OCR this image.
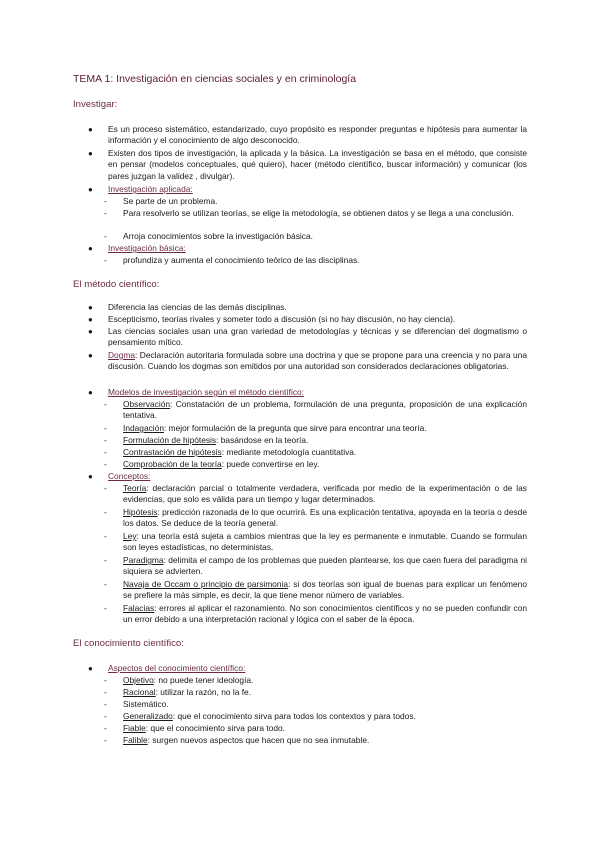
TEMA 1: Investigación en ciencias sociales y en criminología
Investigar:
● Es un proceso sistemático, estandarizado, cuyo propósito es responder preguntas e hipótesis para aumentar la información y el conocimiento de algo desconocido.
● Existen dos tipos de investigación, la aplicada y la básica. La investigación se basa en el método, que consiste en pensar (modelos conceptuales, qué quiero), hacer (método científico, buscar información) y comunicar (los pares juzgan la validez , divulgar).
● Investigación aplicada:
- Se parte de un problema.
- Para resolverlo se utilizan teorías, se elige la metodología, se obtienen datos y se llega a una conclusión.
- Arroja conocimientos sobre la investigación básica.
● Investigación básica:
- profundiza y aumenta el conocimiento teórico de las disciplinas.
El método científico:
● Diferencia las ciencias de las demás disciplinas.
● Escepticismo, teorías rivales y someter todo a discusión (si no hay discusión, no hay ciencia).
● Las ciencias sociales usan una gran variedad de metodologías y técnicas y se diferencian del dogmatismo o pensamiento mítico.
● Dogma: Declaración autoritaria formulada sobre una doctrina y que se propone para una creencia y no para una discusión. Cuando los dogmas son emitidos por una autoridad son considerados declaraciones obligatorias.
● Modelos de investigación según el método científico:
- Observación: Constatación de un problema, formulación de una pregunta, proposición de una explicación tentativa.
- Indagación: mejor formulación de la pregunta que sirve para encontrar una teoría.
- Formulación de hipótesis: basándose en la teoría.
- Contrastación de hipótesis: mediante metodología cuantitativa.
- Comprobación de la teoría: puede convertirse en ley.
● Conceptos:
- Teoría: declaración parcial o totalmente verdadera, verificada por medio de la experimentación o de las evidencias, que solo es válida para un tiempo y lugar determinados.
- Hipótesis: predicción razonada de lo que ocurrirá. Es una explicación tentativa, apoyada en la teoría o desde los datos. Se deduce de la teoría general.
- Ley: una teoría está sujeta a cambios mientras que la ley es permanente e inmutable. Cuando se formulan son leyes estadísticas, no deterministas.
- Paradigma: delimita el campo de los problemas que pueden plantearse, los que caen fuera del paradigma ni siquiera se advierten.
- Navaja de Occam o principio de parsimonia: si dos teorías son igual de buenas para explicar un fenómeno se prefiere la más simple, es decir, la que tiene menor número de variables.
- Falacias: errores al aplicar el razonamiento. No son conocimientos científicos y no se pueden confundir con un error debido a una interpretación racional y lógica con el saber de la época.
El conocimiento científico:
● Aspectos del conocimiento científico:
- Objetivo: no puede tener ideología.
- Racional: utilizar la razón, no la fe.
- Sistemático.
- Generalizado: que el conocimiento sirva para todos los contextos y para todos.
- Fiable: que el conocimiento sirva para todo.
- Falible: surgen nuevos aspectos que hacen que no sea inmutable.
